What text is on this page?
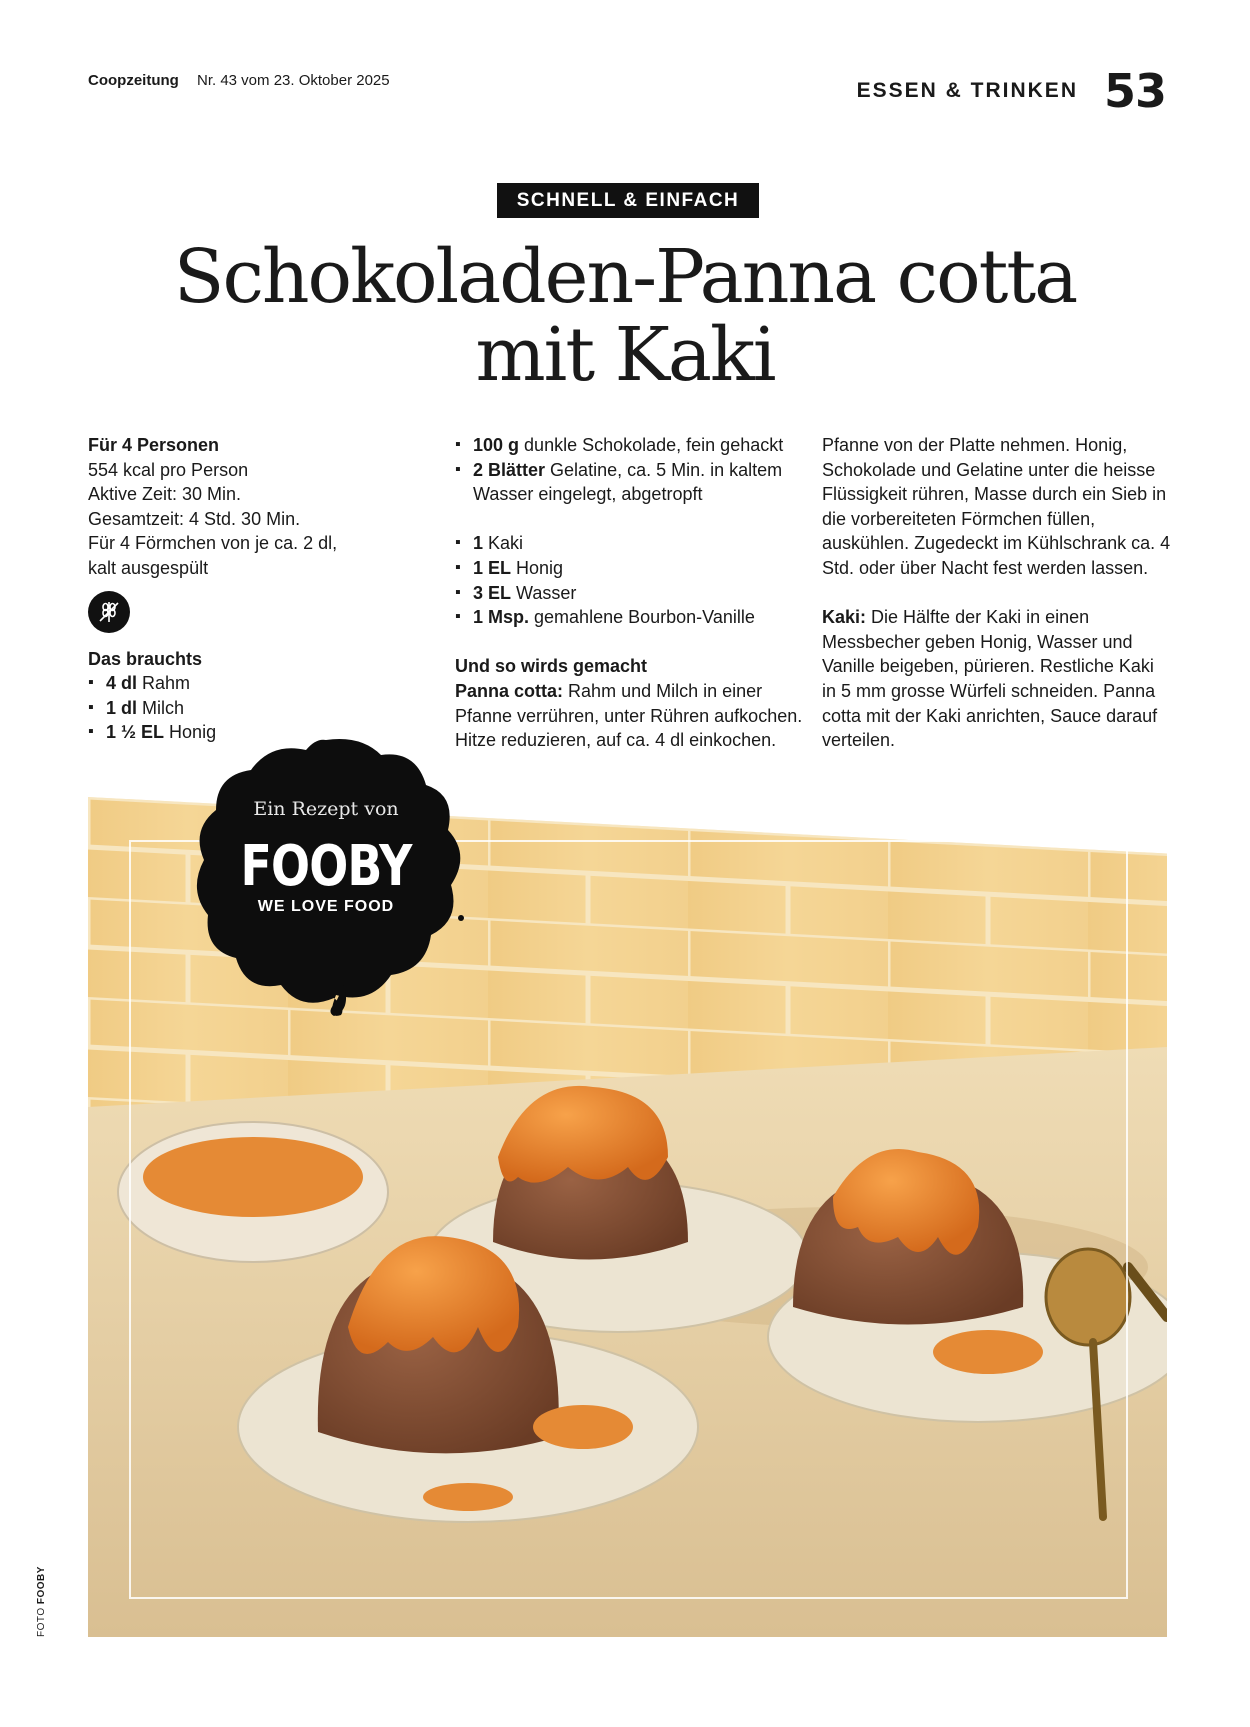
Coopzeitung Nr. 43 vom 23. Oktober 2025	ESSEN & TRINKEN 53
SCHNELL & EINFACH
Schokoladen-Panna cotta
mit Kaki
Für 4 Personen
554 kcal pro Person
Aktive Zeit: 30 Min.
Gesamtzeit: 4 Std. 30 Min.
Für 4 Förmchen von je ca. 2 dl,
kalt ausgespült
Das brauchts
▪ 4 dl Rahm
▪ 1 dl Milch
▪ 1 ½ EL Honig
▪ 100 g dunkle Schokolade, fein gehackt
▪ 2 Blätter Gelatine, ca. 5 Min. in kaltem Wasser eingelegt, abgetropft
▪ 1 Kaki
▪ 1 EL Honig
▪ 3 EL Wasser
▪ 1 Msp. gemahlene Bourbon-Vanille
Und so wirds gemacht
Panna cotta: Rahm und Milch in einer Pfanne verrühren, unter Rühren aufkochen. Hitze reduzieren, auf ca. 4 dl einkochen.
Pfanne von der Platte nehmen. Honig, Schokolade und Gelatine unter die heisse Flüssigkeit rühren, Masse durch ein Sieb in die vorbereiteten Förmchen füllen, auskühlen. Zugedeckt im Kühlschrank ca. 4 Std. oder über Nacht fest werden lassen.
Kaki: Die Hälfte der Kaki in einen Messbecher geben Honig, Wasser und Vanille beigeben, pürieren. Restliche Kaki in 5 mm grosse Würfeli schneiden. Panna cotta mit der Kaki anrichten, Sauce darauf verteilen.
Ein Rezept von
FOOBY
WE LOVE FOOD
FOTO FOOBY
